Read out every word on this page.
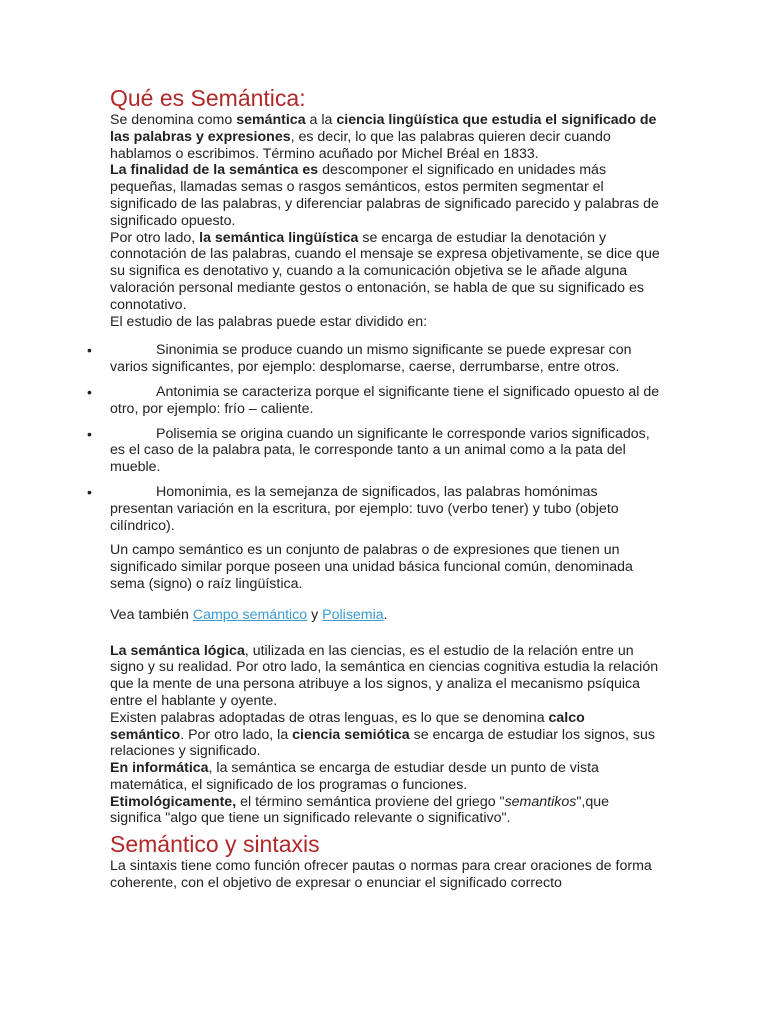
Qué es Semántica:

Se denomina como semántica a la ciencia lingüística que estudia el significado de las palabras y expresiones, es decir, lo que las palabras quieren decir cuando hablamos o escribimos. Término acuñado por Michel Bréal en 1833.

La finalidad de la semántica es descomponer el significado en unidades más pequeñas, llamadas semas o rasgos semánticos, estos permiten segmentar el significado de las palabras, y diferenciar palabras de significado parecido y palabras de significado opuesto.

Por otro lado, la semántica lingüística se encarga de estudiar la denotación y connotación de las palabras, cuando el mensaje se expresa objetivamente, se dice que su significa es denotativo y, cuando a la comunicación objetiva se le añade alguna valoración personal mediante gestos o entonación, se habla de que su significado es connotativo.

El estudio de las palabras puede estar dividido en:

•	Sinonimia se produce cuando un mismo significante se puede expresar con varios significantes, por ejemplo: desplomarse, caerse, derrumbarse, entre otros.
•	Antonimia se caracteriza porque el significante tiene el significado opuesto al de otro, por ejemplo: frío – caliente.
•	Polisemia se origina cuando un significante le corresponde varios significados, es el caso de la palabra pata, le corresponde tanto a un animal como a la pata del mueble.
•	Homonimia, es la semejanza de significados, las palabras homónimas presentan variación en la escritura, por ejemplo: tuvo (verbo tener) y tubo (objeto cilíndrico).

Un campo semántico es un conjunto de palabras o de expresiones que tienen un significado similar porque poseen una unidad básica funcional común, denominada sema (signo) o raíz lingüística.

Vea también Campo semántico y Polisemia.

La semántica lógica, utilizada en las ciencias, es el estudio de la relación entre un signo y su realidad. Por otro lado, la semántica en ciencias cognitiva estudia la relación que la mente de una persona atribuye a los signos, y analiza el mecanismo psíquica entre el hablante y oyente.

Existen palabras adoptadas de otras lenguas, es lo que se denomina calco semántico. Por otro lado, la ciencia semiótica se encarga de estudiar los signos, sus relaciones y significado.

En informática, la semántica se encarga de estudiar desde un punto de vista matemática, el significado de los programas o funciones.

Etimológicamente, el término semántica proviene del griego "semantikos",que significa "algo que tiene un significado relevante o significativo".

Semántico y sintaxis

La sintaxis tiene como función ofrecer pautas o normas para crear oraciones de forma coherente, con el objetivo de expresar o enunciar el significado correcto
